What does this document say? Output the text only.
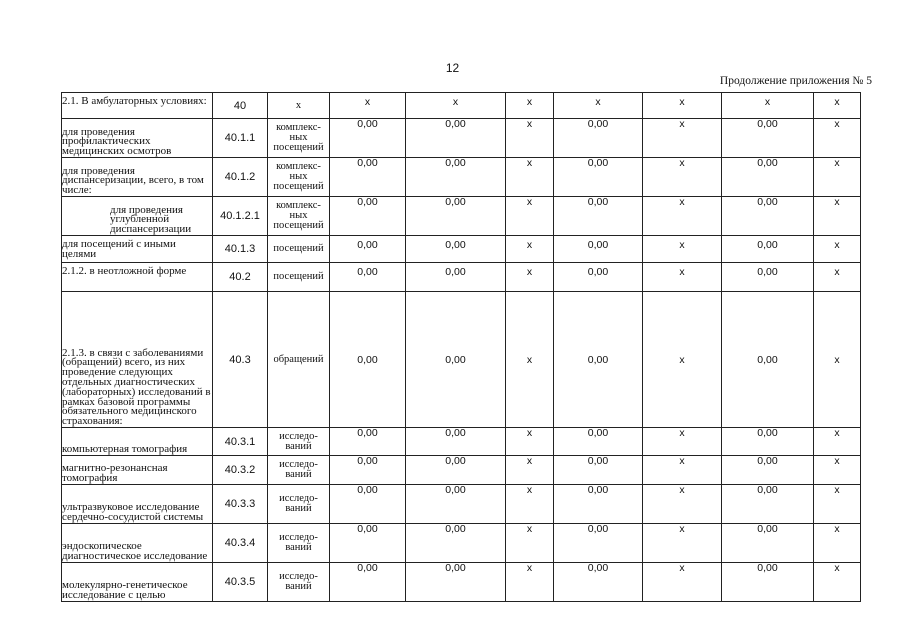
12
Продолжение приложения № 5
2.1. В амбулаторных условиях:	40	х	х	х	х	х	х	х	х
для проведения профилактических медицинских осмотров	40.1.1	комплекс-ных посещений	0,00	0,00	х	0,00	х	0,00	х
для проведения диспансеризации, всего, в том числе:	40.1.2	комплекс-ных посещений	0,00	0,00	х	0,00	х	0,00	х
для проведения углубленной диспансеризации	40.1.2.1	комплекс-ных посещений	0,00	0,00	х	0,00	х	0,00	х
для посещений с иными целями	40.1.3	посещений	0,00	0,00	х	0,00	х	0,00	х
2.1.2. в неотложной форме	40.2	посещений	0,00	0,00	х	0,00	х	0,00	х
2.1.3. в связи с заболеваниями (обращений) всего, из них проведение следующих отдельных диагностических (лабораторных) исследований в рамках базовой программы обязательного медицинского страхования:	40.3	обращений	0,00	0,00	х	0,00	х	0,00	х
компьютерная томография	40.3.1	исследо-ваний	0,00	0,00	х	0,00	х	0,00	х
магнитно-резонансная томография	40.3.2	исследо-ваний	0,00	0,00	х	0,00	х	0,00	х
ультразвуковое исследование сердечно-сосудистой системы	40.3.3	исследо-ваний	0,00	0,00	х	0,00	х	0,00	х
эндоскопическое диагностическое исследование	40.3.4	исследо-ваний	0,00	0,00	х	0,00	х	0,00	х
молекулярно-генетическое исследование с целью	40.3.5	исследо-ваний	0,00	0,00	х	0,00	х	0,00	х
